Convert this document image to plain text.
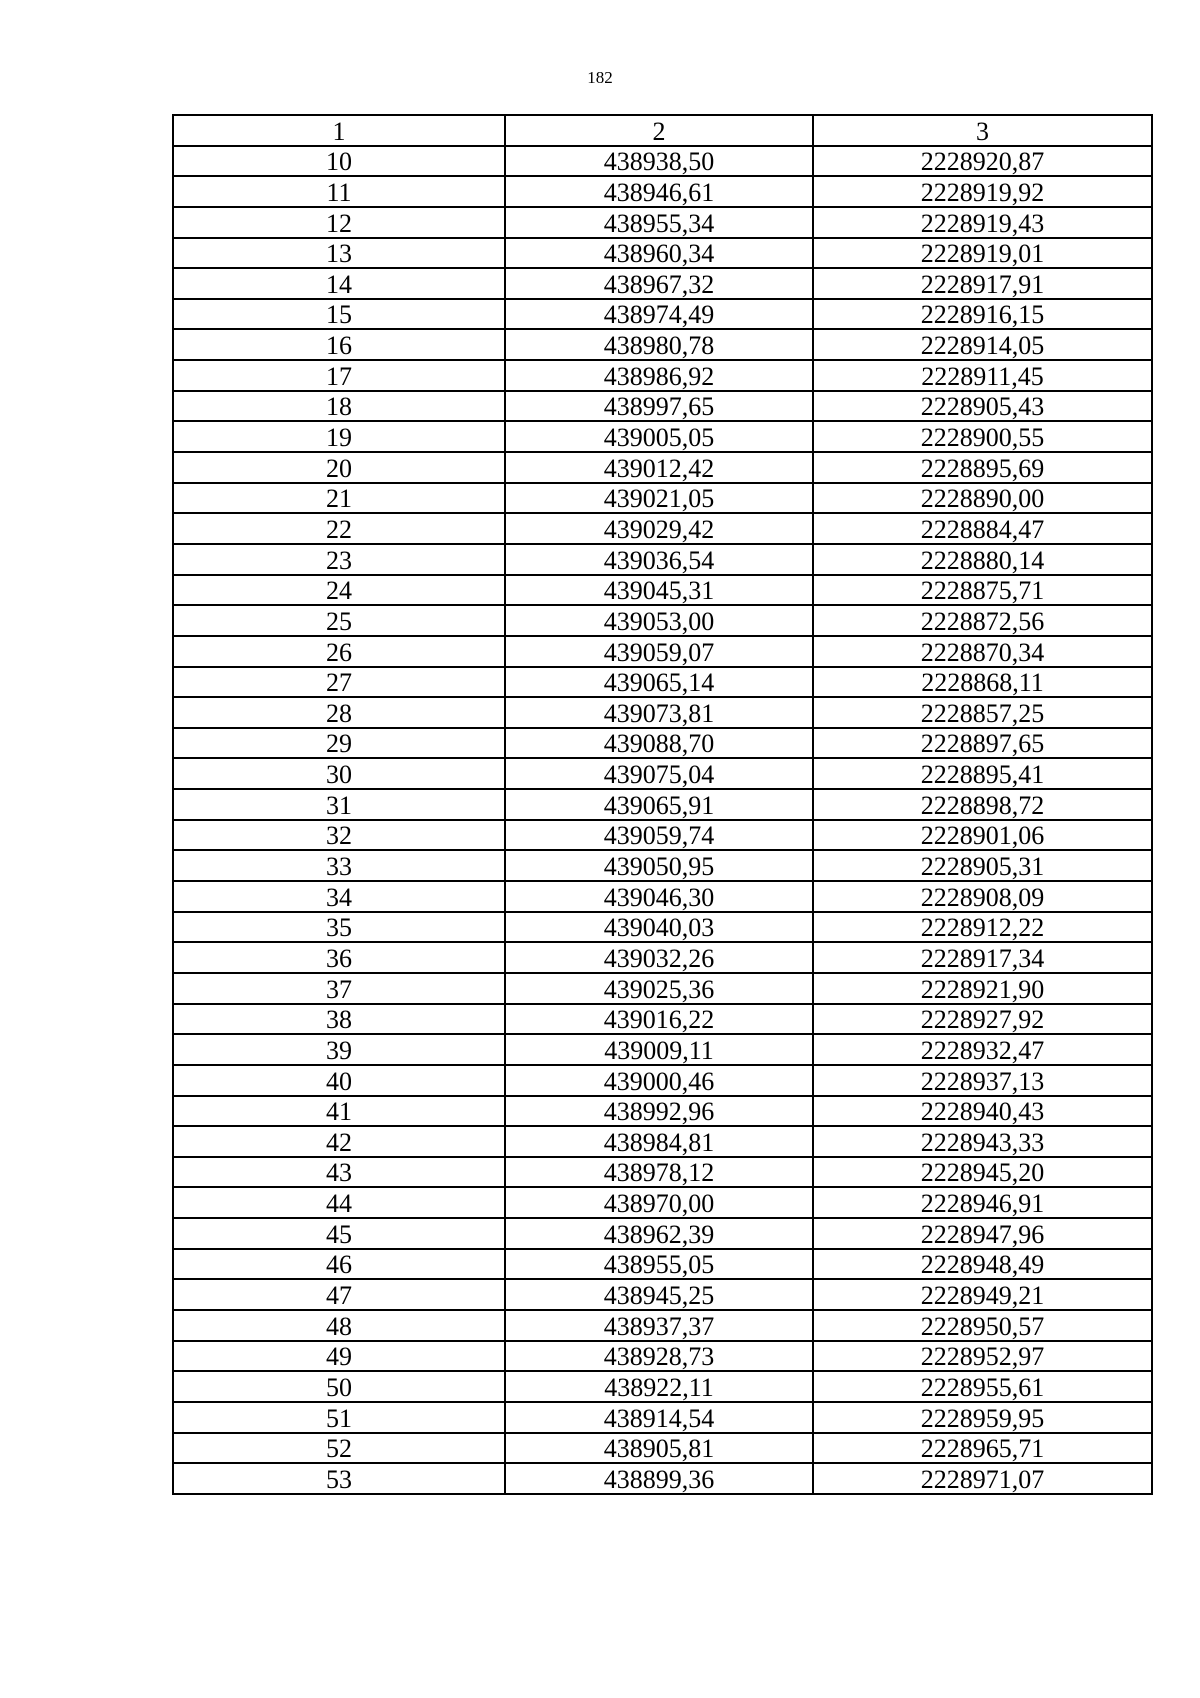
182
1	2	3
10	438938,50	2228920,87
11	438946,61	2228919,92
12	438955,34	2228919,43
13	438960,34	2228919,01
14	438967,32	2228917,91
15	438974,49	2228916,15
16	438980,78	2228914,05
17	438986,92	2228911,45
18	438997,65	2228905,43
19	439005,05	2228900,55
20	439012,42	2228895,69
21	439021,05	2228890,00
22	439029,42	2228884,47
23	439036,54	2228880,14
24	439045,31	2228875,71
25	439053,00	2228872,56
26	439059,07	2228870,34
27	439065,14	2228868,11
28	439073,81	2228857,25
29	439088,70	2228897,65
30	439075,04	2228895,41
31	439065,91	2228898,72
32	439059,74	2228901,06
33	439050,95	2228905,31
34	439046,30	2228908,09
35	439040,03	2228912,22
36	439032,26	2228917,34
37	439025,36	2228921,90
38	439016,22	2228927,92
39	439009,11	2228932,47
40	439000,46	2228937,13
41	438992,96	2228940,43
42	438984,81	2228943,33
43	438978,12	2228945,20
44	438970,00	2228946,91
45	438962,39	2228947,96
46	438955,05	2228948,49
47	438945,25	2228949,21
48	438937,37	2228950,57
49	438928,73	2228952,97
50	438922,11	2228955,61
51	438914,54	2228959,95
52	438905,81	2228965,71
53	438899,36	2228971,07
